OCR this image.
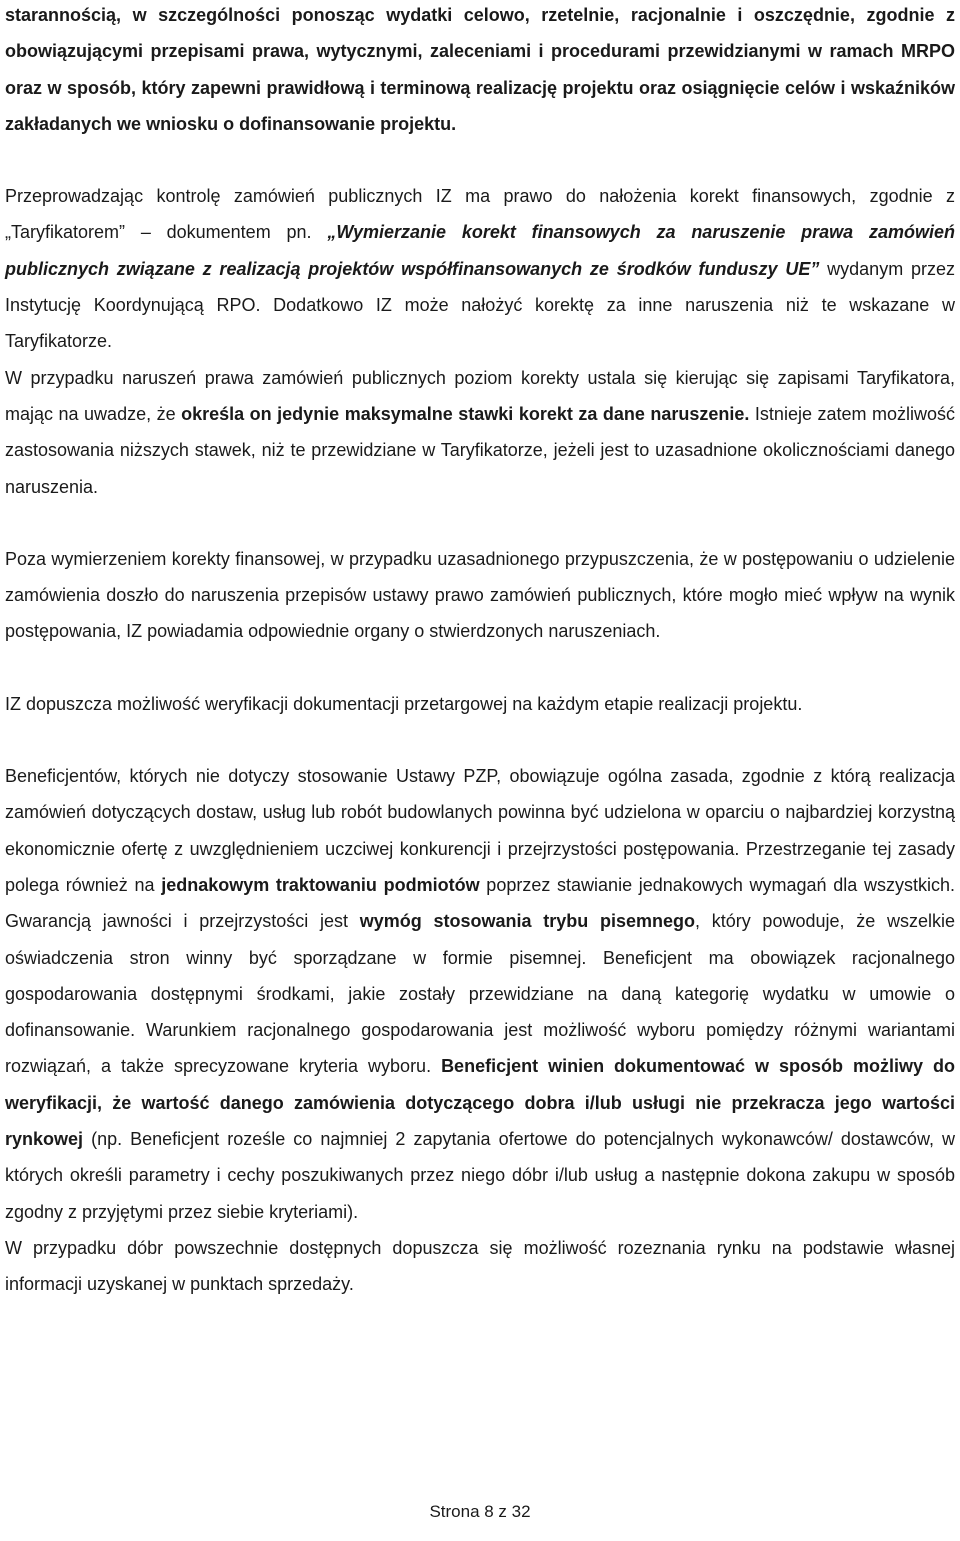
starannością, w szczególności ponosząc wydatki celowo, rzetelnie, racjonalnie i oszczędnie, zgodnie z obowiązującymi przepisami prawa, wytycznymi, zaleceniami i procedurami przewidzianymi w ramach MRPO oraz w sposób, który zapewni prawidłową i terminową realizację projektu oraz osiągnięcie celów i wskaźników zakładanych we wniosku o dofinansowanie projektu.

Przeprowadzając kontrolę zamówień publicznych IZ ma prawo do nałożenia korekt finansowych, zgodnie z „Taryfikatorem” – dokumentem pn. „Wymierzanie korekt finansowych za naruszenie prawa zamówień publicznych związane z realizacją projektów współfinansowanych ze środków funduszy UE” wydanym przez Instytucję Koordynującą RPO. Dodatkowo IZ może nałożyć korektę za inne naruszenia niż te wskazane w Taryfikatorze.

W przypadku naruszeń prawa zamówień publicznych poziom korekty ustala się kierując się zapisami Taryfikatora, mając na uwadze, że określa on jedynie maksymalne stawki korekt za dane naruszenie. Istnieje zatem możliwość zastosowania niższych stawek, niż te przewidziane w Taryfikatorze, jeżeli jest to uzasadnione okolicznościami danego naruszenia.

Poza wymierzeniem korekty finansowej, w przypadku uzasadnionego przypuszczenia, że w postępowaniu o udzielenie zamówienia doszło do naruszenia przepisów ustawy prawo zamówień publicznych, które mogło mieć wpływ na wynik postępowania, IZ powiadamia odpowiednie organy o stwierdzonych naruszeniach.

IZ dopuszcza możliwość weryfikacji dokumentacji przetargowej na każdym etapie realizacji projektu.

Beneficjentów, których nie dotyczy stosowanie Ustawy PZP, obowiązuje ogólna zasada, zgodnie z którą realizacja zamówień dotyczących dostaw, usług lub robót budowlanych powinna być udzielona w oparciu o najbardziej korzystną ekonomicznie ofertę z uwzględnieniem uczciwej konkurencji i przejrzystości postępowania. Przestrzeganie tej zasady polega również na jednakowym traktowaniu podmiotów poprzez stawianie jednakowych wymagań dla wszystkich. Gwarancją jawności i przejrzystości jest wymóg stosowania trybu pisemnego, który powoduje, że wszelkie oświadczenia stron winny być sporządzane w formie pisemnej. Beneficjent ma obowiązek racjonalnego gospodarowania dostępnymi środkami, jakie zostały przewidziane na daną kategorię wydatku w umowie o dofinansowanie. Warunkiem racjonalnego gospodarowania jest możliwość wyboru pomiędzy różnymi wariantami rozwiązań, a także sprecyzowane kryteria wyboru. Beneficjent winien dokumentować w sposób możliwy do weryfikacji, że wartość danego zamówienia dotyczącego dobra i/lub usługi nie przekracza jego wartości rynkowej (np. Beneficjent roześle co najmniej 2 zapytania ofertowe do potencjalnych wykonawców/ dostawców, w których określi parametry i cechy poszukiwanych przez niego dóbr i/lub usług a następnie dokona zakupu w sposób zgodny z przyjętymi przez siebie kryteriami).

W przypadku dóbr powszechnie dostępnych dopuszcza się możliwość rozeznania rynku na podstawie własnej informacji uzyskanej w punktach sprzedaży.

Strona 8 z 32
